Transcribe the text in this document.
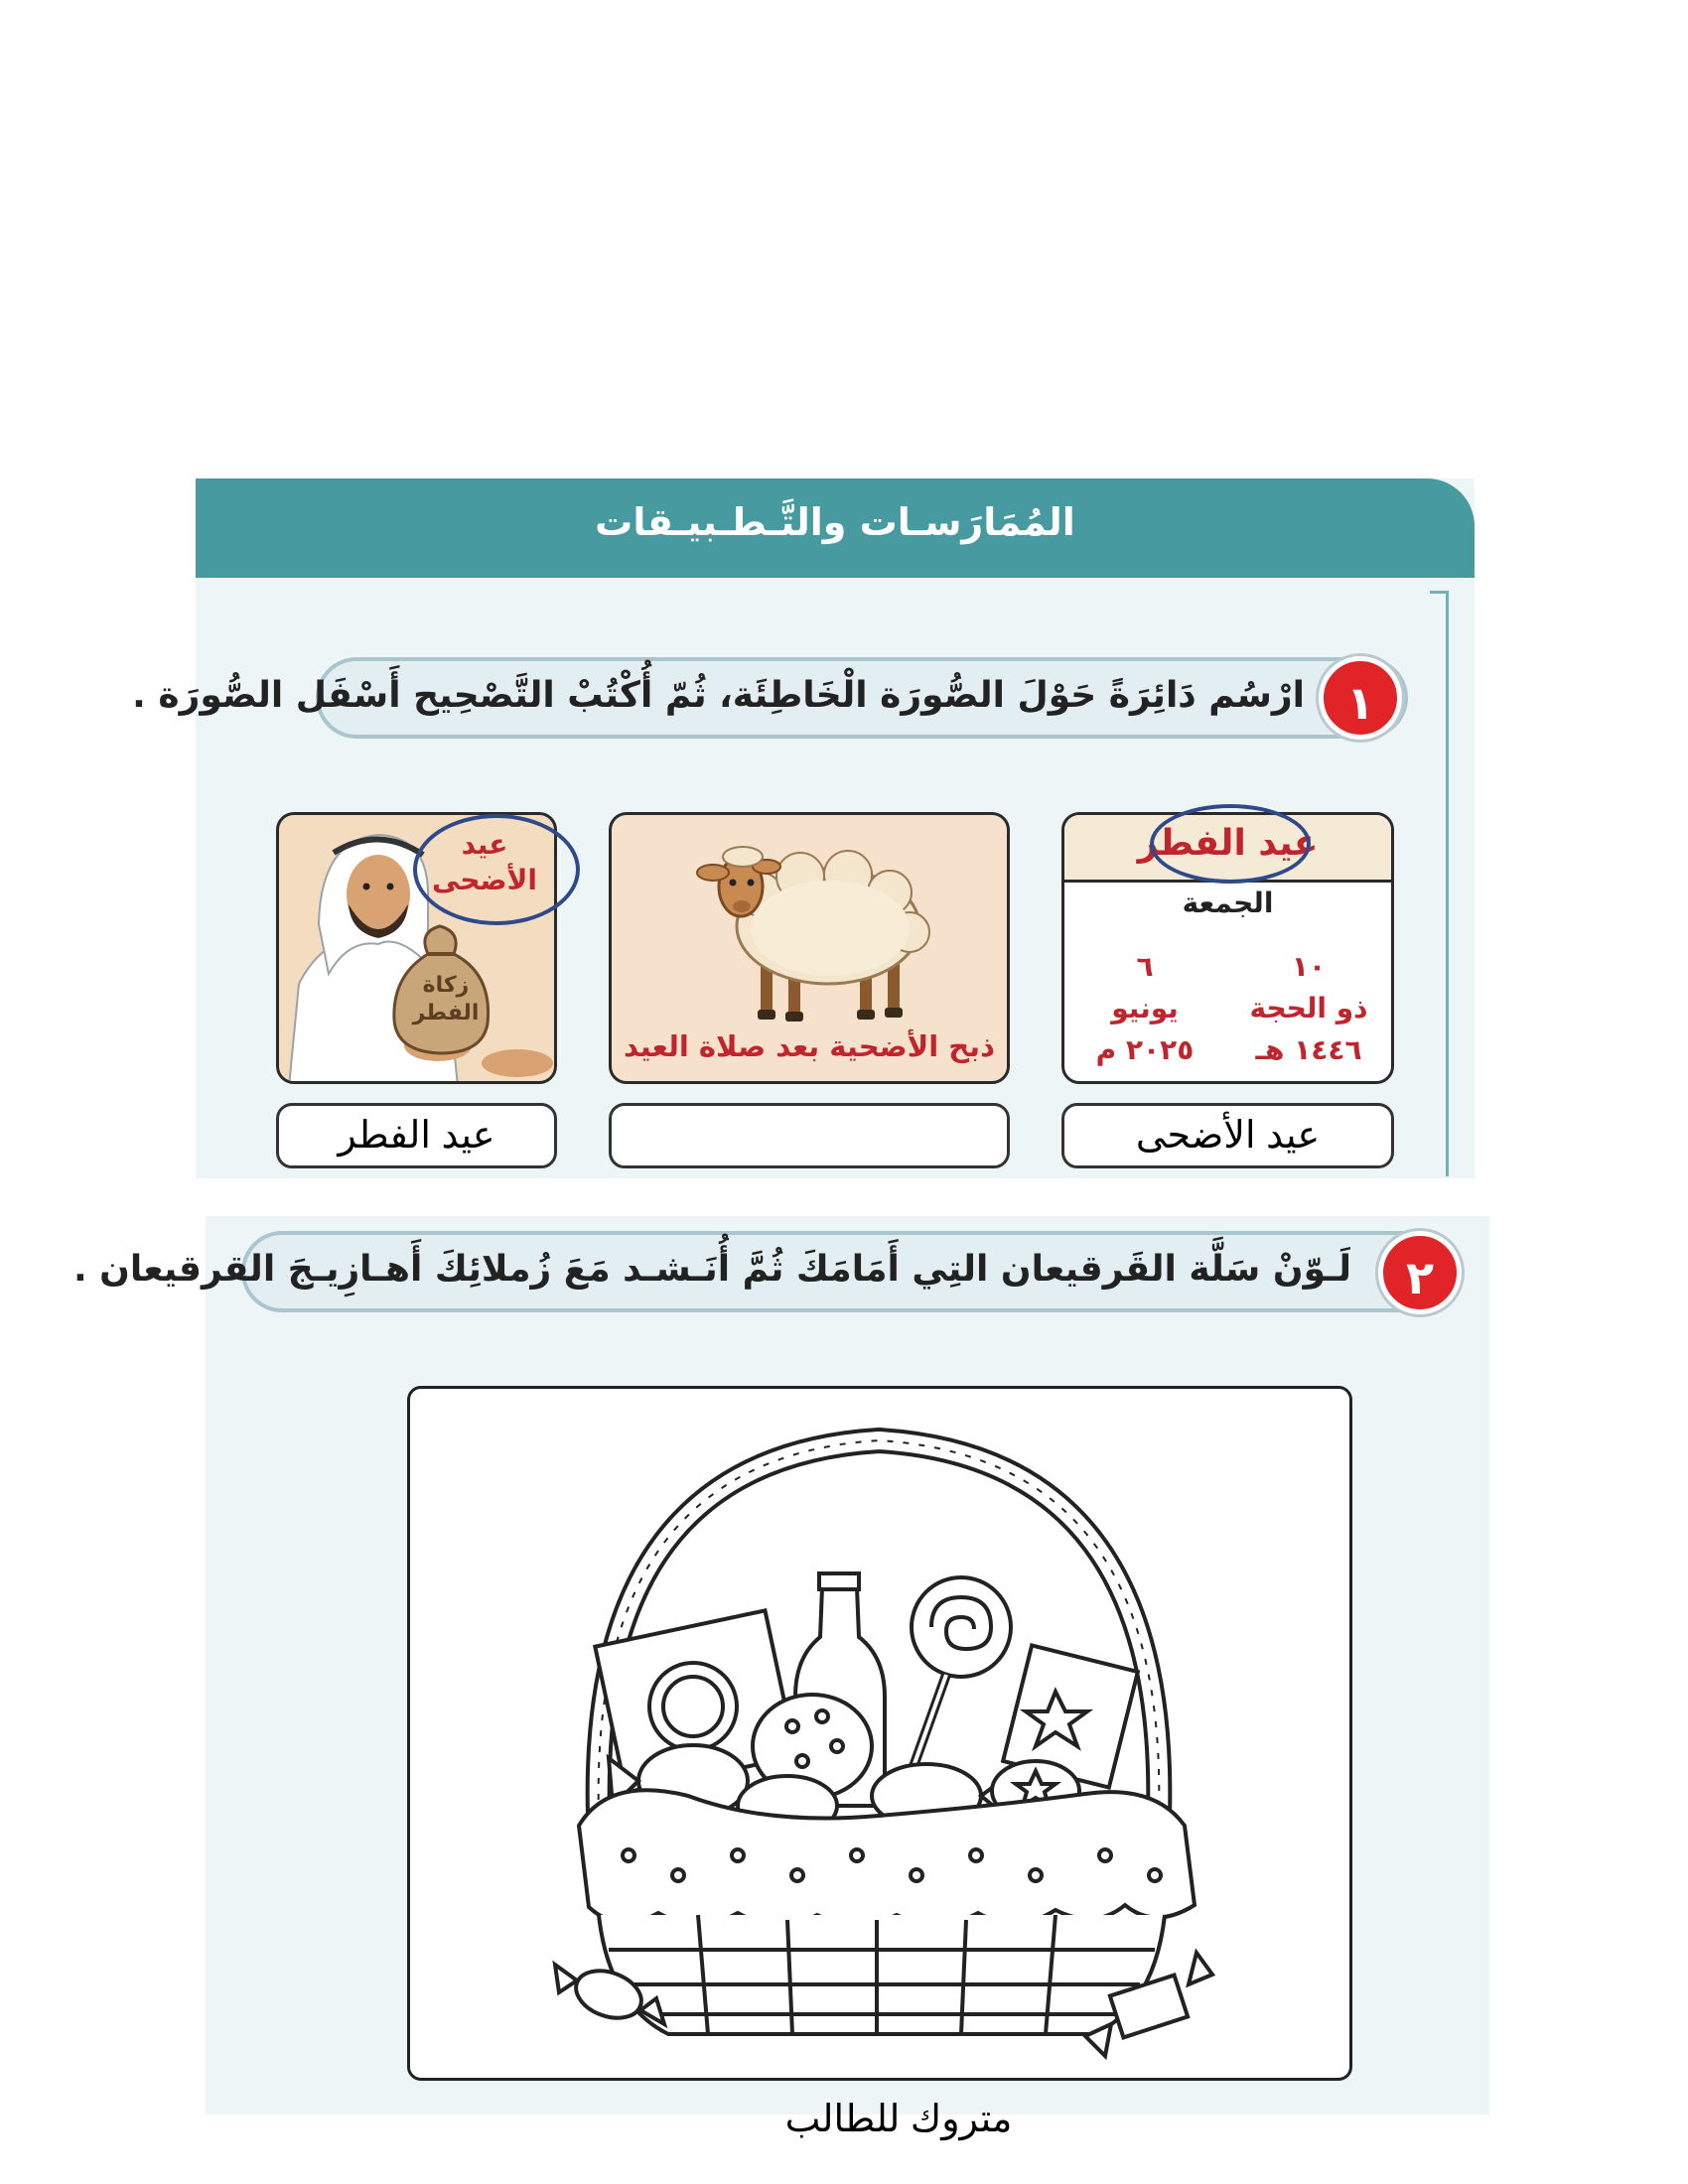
المُمَارَسـات والتَّـطـبيـقات
ارْسُم دَائِرَةً حَوْلَ الصُّورَة الْخَاطِئَة، ثُمّ أُكْتُبْ التَّصْحِيح أَسْفَل الصُّورَة . ١
عيد الفطر
الجمعة
١٠
ذو الحجة
١٤٤٦ هـ
٦
يونيو
٢٠٢٥ م
عيد الأضحى
ذبح الأضحية بعد صلاة العيد
زكاة
الفطر
عيد
الأضحى
عيد الفطر
لَـوّنْ سَلَّة القَرقيعان التِي أَمَامَكَ ثُمَّ أُنَـشـد مَعَ زُملائِكَ أَهـازِيـجَ القرقيعان .	٢
متروك للطالب
